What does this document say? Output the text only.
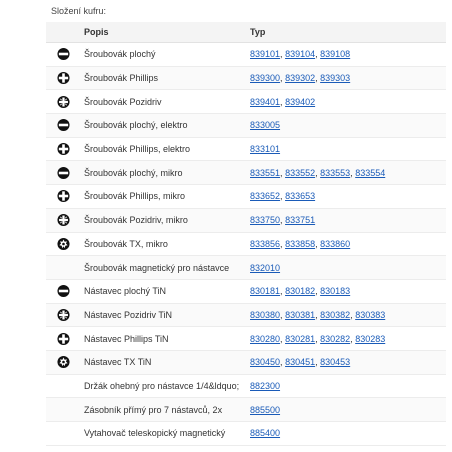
Složení kufru:
Popis	Typ
Šroubovák plochý	839101, 839104, 839108
Šroubovák Phillips	839300, 839302, 839303
Šroubovák Pozidriv	839401, 839402
Šroubovák plochý, elektro	833005
Šroubovák Phillips, elektro	833101
Šroubovák plochý, mikro	833551, 833552, 833553, 833554
Šroubovák Phillips, mikro	833652, 833653
Šroubovák Pozidriv, mikro	833750, 833751
Šroubovák TX, mikro	833856, 833858, 833860
Šroubovák magnetický pro nástavce 832010
Nástavec plochý TiN	830181, 830182, 830183
Nástavec Pozidriv TiN	830380, 830381, 830382, 830383
Nástavec Phillips TiN	830280, 830281, 830282, 830283
Nástavec TX TiN	830450, 830451, 830453
Držák ohebný pro nástavce 1/4&ldquo; 882300
Zásobník přímý pro 7 nástavců, 2x	885500
Vytahovač teleskopický magnetický	885400
